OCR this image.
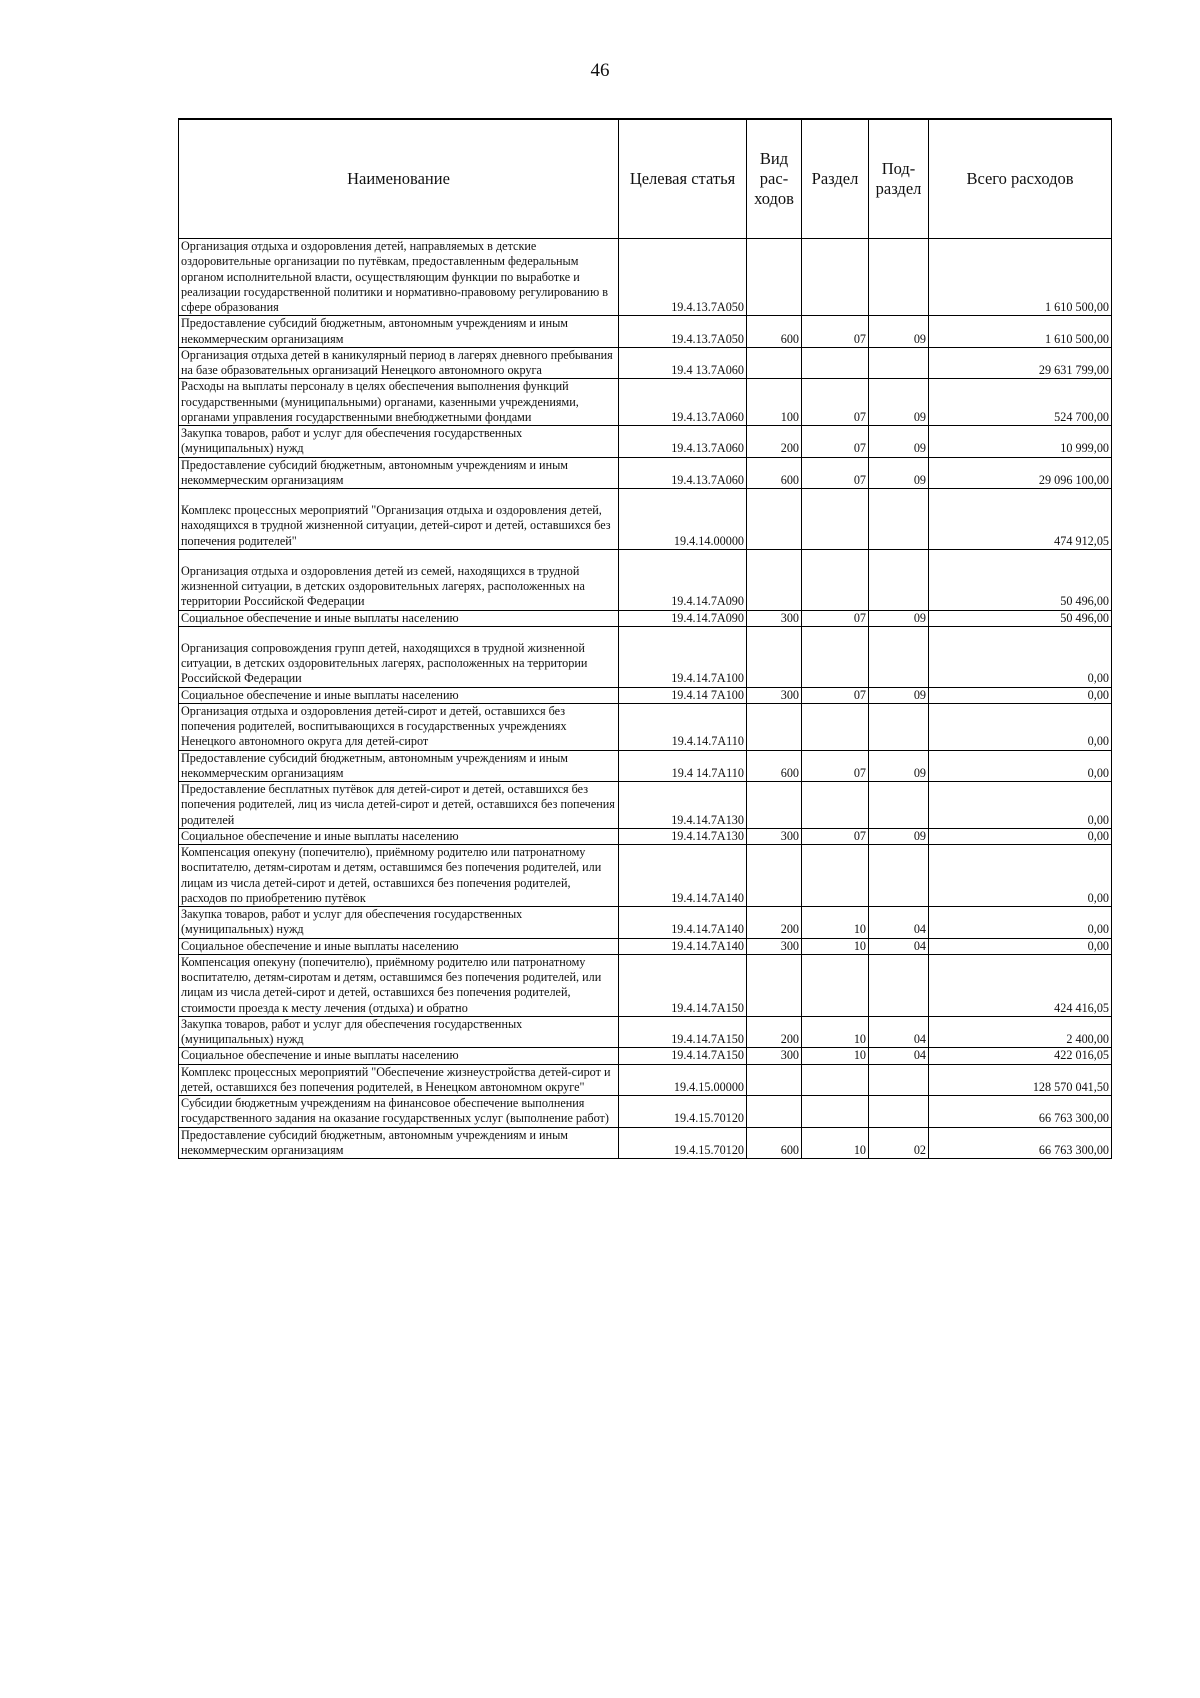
46
Наименование	Целевая статья	Вид рас-ходов	Раздел	Под-раздел	Всего расходов
Организация отдыха и оздоровления детей, направляемых в детские оздоровительные организации по путёвкам, предоставленным федеральным органом исполнительной власти, осуществляющим функции по выработке и реализации государственной политики и нормативно-правовому регулированию в сфере образования	19.4.13.7А050				1 610 500,00
Предоставление субсидий бюджетным, автономным учреждениям и иным некоммерческим организациям	19.4.13.7А050	600	07	09	1 610 500,00
Организация отдыха детей в каникулярный период в лагерях дневного пребывания на базе образовательных организаций Ненецкого автономного округа	19.4 13.7А060				29 631 799,00
Расходы на выплаты персоналу в целях обеспечения выполнения функций государственными (муниципальными) органами, казенными учреждениями, органами управления государственными внебюджетными фондами	19.4.13.7А060	100	07	09	524 700,00
Закупка товаров, работ и услуг для обеспечения государственных (муниципальных) нужд	19.4.13.7А060	200	07	09	10 999,00
Предоставление субсидий бюджетным, автономным учреждениям и иным некоммерческим организациям	19.4.13.7А060	600	07	09	29 096 100,00

Комплекс процессных мероприятий "Организация отдыха и оздоровления детей, находящихся в трудной жизненной ситуации, детей-сирот и детей, оставшихся без попечения родителей"	19.4.14.00000				474 912,05

Организация отдыха и оздоровления детей из семей, находящихся в трудной жизненной ситуации, в детских оздоровительных лагерях, расположенных на территории Российской Федерации	19.4.14.7А090				50 496,00
Социальное обеспечение и иные выплаты населению	19.4.14.7А090	300	07	09	50 496,00

Организация сопровождения групп детей, находящихся в трудной жизненной ситуации, в детских оздоровительных лагерях, расположенных на территории Российской Федерации	19.4.14.7А100				0,00
Социальное обеспечение и иные выплаты населению	19.4.14 7А100	300	07	09	0,00
Организация отдыха и оздоровления детей-сирот и детей, оставшихся без попечения родителей, воспитывающихся в государственных учреждениях Ненецкого автономного округа для детей-сирот	19.4.14.7А110				0,00
Предоставление субсидий бюджетным, автономным учреждениям и иным некоммерческим организациям	19.4 14.7А110	600	07	09	0,00
Предоставление бесплатных путёвок для детей-сирот и детей, оставшихся без попечения родителей, лиц из числа детей-сирот и детей, оставшихся без попечения родителей	19.4.14.7А130				0,00
Социальное обеспечение и иные выплаты населению	19.4.14.7А130	300	07	09	0,00
Компенсация опекуну (попечителю), приёмному родителю или патронатному воспитателю, детям-сиротам и детям, оставшимся без попечения родителей, или лицам из числа детей-сирот и детей, оставшихся без попечения родителей, расходов по приобретению путёвок	19.4.14.7А140				0,00
Закупка товаров, работ и услуг для обеспечения государственных (муниципальных) нужд	19.4.14.7А140	200	10	04	0,00
Социальное обеспечение и иные выплаты населению	19.4.14.7А140	300	10	04	0,00
Компенсация опекуну (попечителю), приёмному родителю или патронатному воспитателю, детям-сиротам и детям, оставшимся без попечения родителей, или лицам из числа детей-сирот и детей, оставшихся без попечения родителей, стоимости проезда к месту лечения (отдыха) и обратно	19.4.14.7А150				424 416,05
Закупка товаров, работ и услуг для обеспечения государственных (муниципальных) нужд	19.4.14.7А150	200	10	04	2 400,00
Социальное обеспечение и иные выплаты населению	19.4.14.7А150	300	10	04	422 016,05
Комплекс процессных мероприятий "Обеспечение жизнеустройства детей-сирот и детей, оставшихся без попечения родителей, в Ненецком автономном округе"	19.4.15.00000				128 570 041,50
Субсидии бюджетным учреждениям на финансовое обеспечение выполнения государственного задания на оказание государственных услуг (выполнение работ)	19.4.15.70120				66 763 300,00
Предоставление субсидий бюджетным, автономным учреждениям и иным некоммерческим организациям	19.4.15.70120	600	10	02	66 763 300,00
